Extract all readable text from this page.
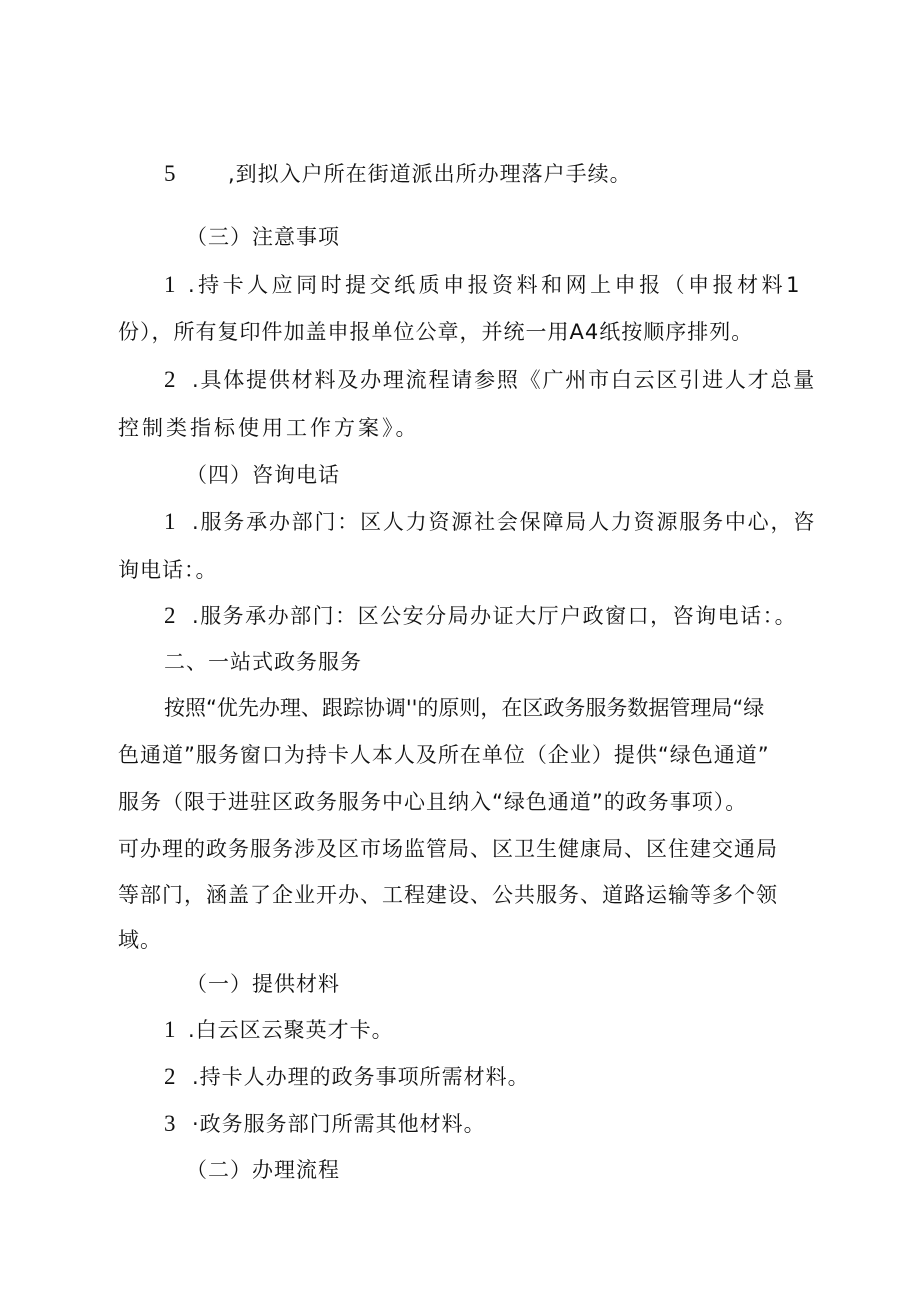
5	,到拟入户所在街道派出所办理落户手续。
（三）注意事项
1 .持卡人应同时提交纸质申报资料和网上申报（申报材料1
份），所有复印件加盖申报单位公章，并统一用A4纸按顺序排列。
2 .具体提供材料及办理流程请参照《广州市白云区引进人才总量
控制类指标使用工作方案》。
（四）咨询电话
1 .服务承办部门：区人力资源社会保障局人力资源服务中心，咨
询电话：。
2 .服务承办部门：区公安分局办证大厅户政窗口，咨询电话：。
二、一站式政务服务
按照“优先办理、跟踪协调''的原则，在区政务服务数据管理局“绿
色通道”服务窗口为持卡人本人及所在单位（企业）提供“绿色通道”
服务（限于进驻区政务服务中心且纳入“绿色通道”的政务事项）。
可办理的政务服务涉及区市场监管局、区卫生健康局、区住建交通局
等部门，涵盖了企业开办、工程建设、公共服务、道路运输等多个领
域。
（一）提供材料
1 .白云区云聚英才卡。
2 .持卡人办理的政务事项所需材料。
3 ·政务服务部门所需其他材料。
（二）办理流程
